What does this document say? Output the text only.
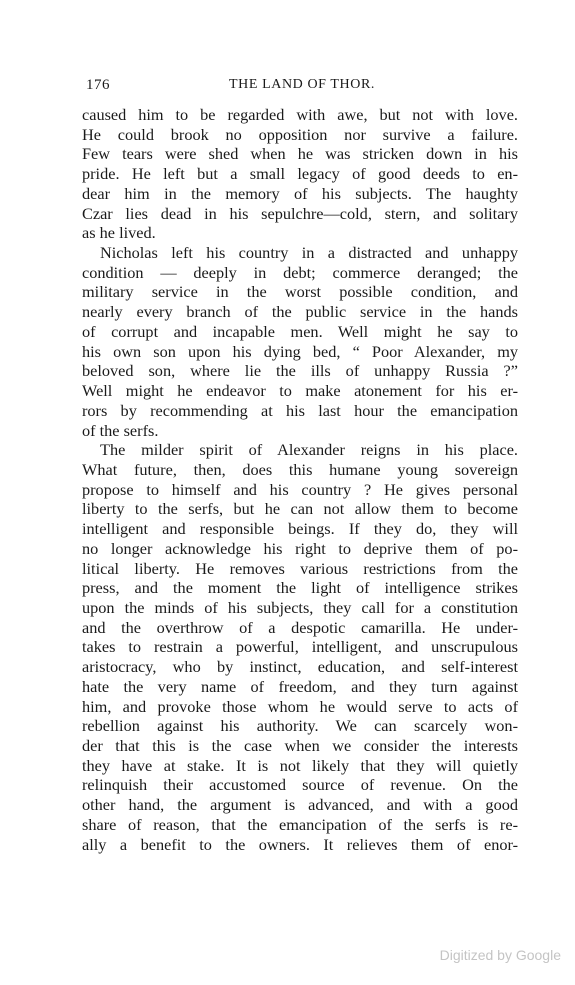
176	THE LAND OF THOR.
caused him to be regarded with awe, but not with love.
He could brook no opposition nor survive a failure.
Few tears were shed when he was stricken down in his
pride. He left but a small legacy of good deeds to en-
dear him in the memory of his subjects. The haughty
Czar lies dead in his sepulchre—cold, stern, and solitary
as he lived.
Nicholas left his country in a distracted and unhappy
condition — deeply in debt; commerce deranged; the
military service in the worst possible condition, and
nearly every branch of the public service in the hands
of corrupt and incapable men. Well might he say to
his own son upon his dying bed, “ Poor Alexander, my
beloved son, where lie the ills of unhappy Russia ?”
Well might he endeavor to make atonement for his er-
rors by recommending at his last hour the emancipation
of the serfs.
The milder spirit of Alexander reigns in his place.
What future, then, does this humane young sovereign
propose to himself and his country ? He gives personal
liberty to the serfs, but he can not allow them to become
intelligent and responsible beings. If they do, they will
no longer acknowledge his right to deprive them of po-
litical liberty. He removes various restrictions from the
press, and the moment the light of intelligence strikes
upon the minds of his subjects, they call for a constitution
and the overthrow of a despotic camarilla. He under-
takes to restrain a powerful, intelligent, and unscrupulous
aristocracy, who by instinct, education, and self-interest
hate the very name of freedom, and they turn against
him, and provoke those whom he would serve to acts of
rebellion against his authority. We can scarcely won-
der that this is the case when we consider the interests
they have at stake. It is not likely that they will quietly
relinquish their accustomed source of revenue. On the
other hand, the argument is advanced, and with a good
share of reason, that the emancipation of the serfs is re-
ally a benefit to the owners. It relieves them of enor-
Digitized by Google
